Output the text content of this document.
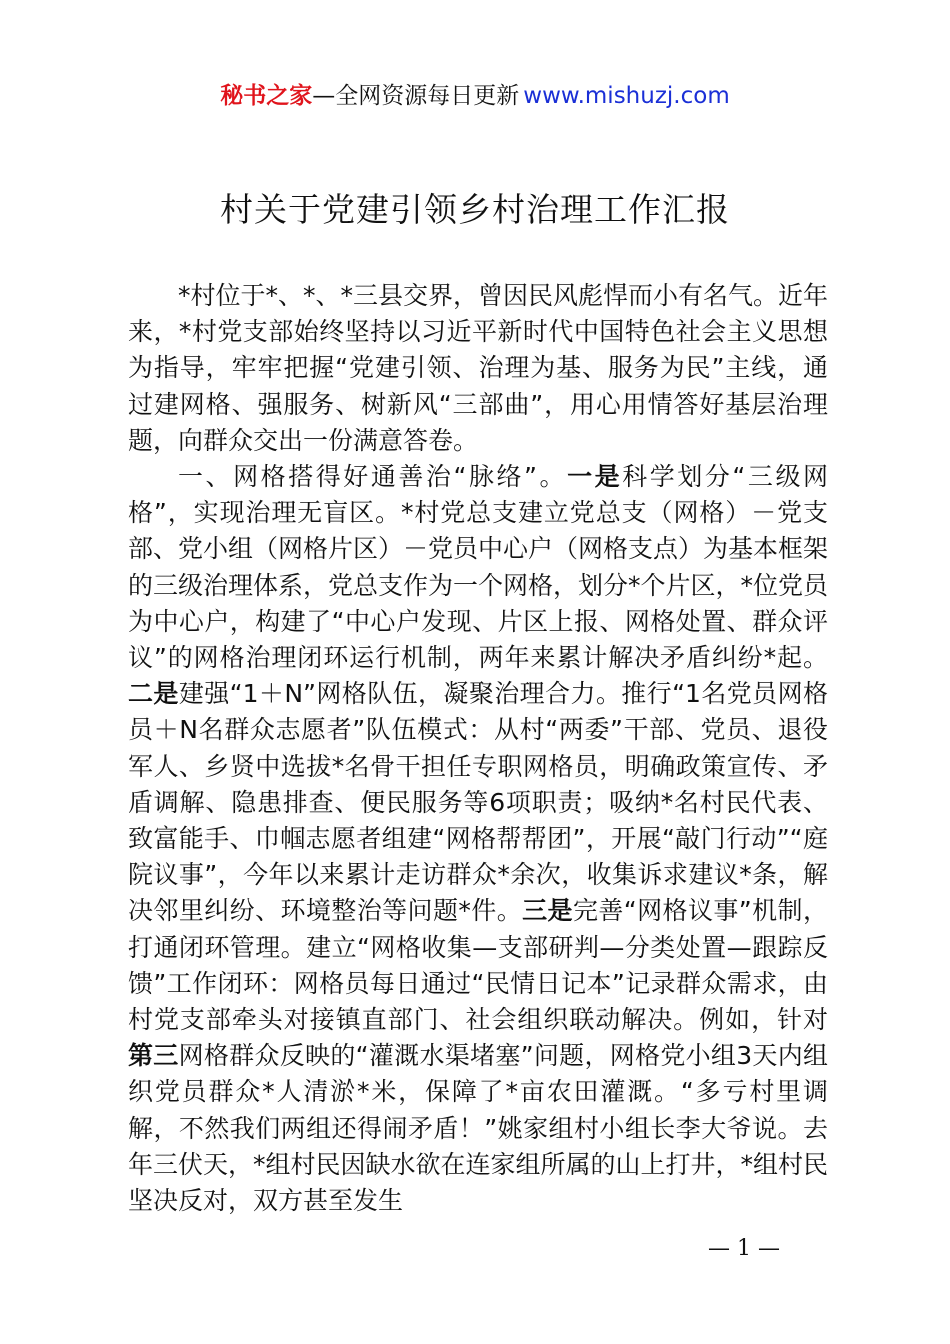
秘书之家—全网资源每日更新 www.mishuzj.com
村关于党建引领乡村治理工作汇报

*村位于*、*、*三县交界，曾因民风彪悍而小有名气。近年来，*村党支部始终坚持以习近平新时代中国特色社会主义思想为指导，牢牢把握“党建引领、治理为基、服务为民”主线，通过建网格、强服务、树新风“三部曲”，用心用情答好基层治理题，向群众交出一份满意答卷。

一、网格搭得好通善治“脉络”。一是科学划分“三级网格”，实现治理无盲区。*村党总支建立党总支（网格）－党支部、党小组（网格片区）－党员中心户（网格支点）为基本框架的三级治理体系，党总支作为一个网格，划分*个片区，*位党员为中心户，构建了“中心户发现、片区上报、网格处置、群众评议”的网格治理闭环运行机制，两年来累计解决矛盾纠纷*起。二是建强“1＋N”网格队伍，凝聚治理合力。推行“1名党员网格员＋N名群众志愿者”队伍模式：从村“两委”干部、党员、退役军人、乡贤中选拔*名骨干担任专职网格员，明确政策宣传、矛盾调解、隐患排查、便民服务等6项职责；吸纳*名村民代表、致富能手、巾帼志愿者组建“网格帮帮团”，开展“敲门行动”“庭院议事”，今年以来累计走访群众*余次，收集诉求建议*条，解决邻里纠纷、环境整治等问题*件。三是完善“网格议事”机制，打通闭环管理。建立“网格收集—支部研判—分类处置—跟踪反馈”工作闭环：网格员每日通过“民情日记本”记录群众需求，由村党支部牵头对接镇直部门、社会组织联动解决。例如，针对第三网格群众反映的“灌溉水渠堵塞”问题，网格党小组3天内组织党员群众*人清淤*米，保障了*亩农田灌溉。“多亏村里调解，不然我们两组还得闹矛盾！”姚家组村小组长李大爷说。去年三伏天，*组村民因缺水欲在连家组所属的山上打井，*组村民坚决反对，双方甚至发生

— 1 —
